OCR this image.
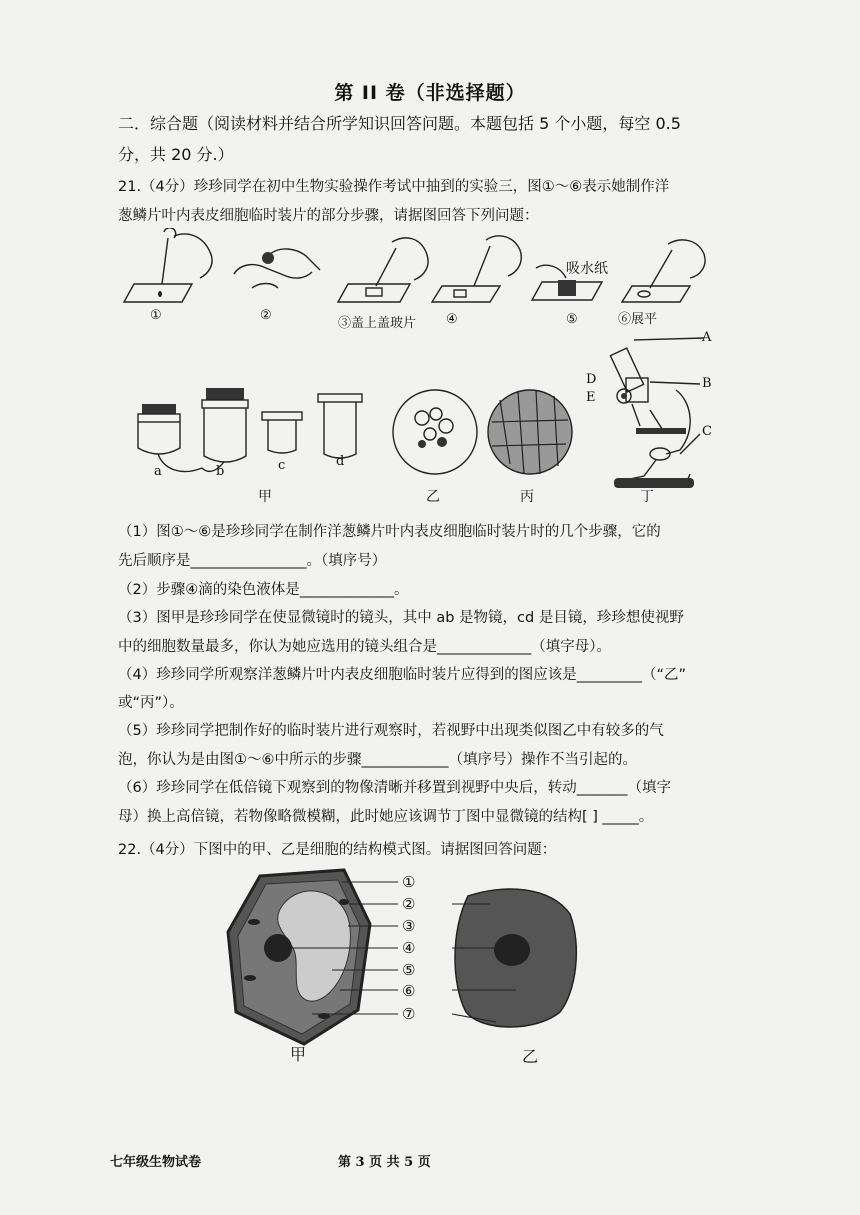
第 II 卷（非选择题）
二．综合题（阅读材料并结合所学知识回答问题。本题包括 5 个小题，每空 0.5
分，共 20 分.）
21.（4分）珍珍同学在初中生物实验操作考试中抽到的实验三，图①～⑥表示她制作洋
葱鳞片叶内表皮细胞临时装片的部分步骤，请据图回答下列问题：
①	②
③盖上盖玻片 ④	⑤	⑥展平
吸水纸
a	b	c	d
A
B
C
D
E
甲	乙	丙	丁
（1）图①～⑥是珍珍同学在制作洋葱鳞片叶内表皮细胞临时装片时的几个步骤，它的
先后顺序是________________。（填序号）
（2）步骤④滴的染色液体是_____________。
（3）图甲是珍珍同学在使显微镜时的镜头，其中 ab 是物镜，cd 是目镜，珍珍想使视野
中的细胞数量最多，你认为她应选用的镜头组合是_____________（填字母）。
（4）珍珍同学所观察洋葱鳞片叶内表皮细胞临时装片应得到的图应该是_________（“乙”
或“丙”）。
（5）珍珍同学把制作好的临时装片进行观察时，若视野中出现类似图乙中有较多的气
泡，你认为是由图①～⑥中所示的步骤____________（填序号）操作不当引起的。
（6）珍珍同学在低倍镜下观察到的物像清晰并移置到视野中央后，转动_______（填字
母）换上高倍镜，若物像略微模糊，此时她应该调节丁图中显微镜的结构[ ] _____。
22.（4分）下图中的甲、乙是细胞的结构模式图。请据图回答问题：
①
②
③
④
⑤
⑥
⑦
甲	乙
七年级生物试卷	第 3 页 共 5 页
